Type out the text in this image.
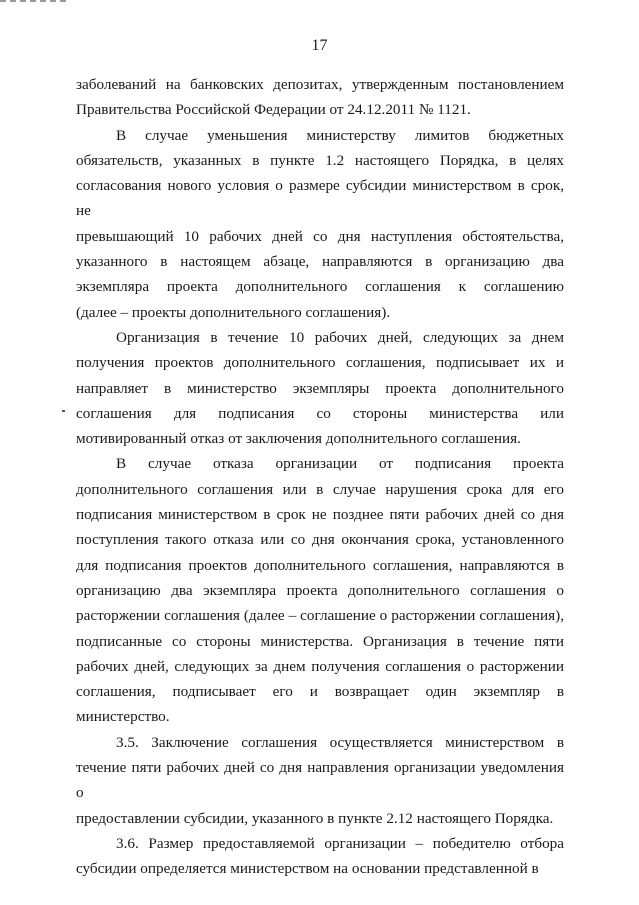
17

заболеваний на банковских депозитах, утвержденным постановлением

Правительства Российской Федерации от 24.12.2011 № 1121.

В случае уменьшения министерству лимитов бюджетных

обязательств, указанных в пункте 1.2 настоящего Порядка, в целях

согласования нового условия о размере субсидии министерством в срок, не

превышающий 10 рабочих дней со дня наступления обстоятельства,

указанного в настоящем абзаце, направляются в организацию два

экземпляра проекта дополнительного соглашения к соглашению

(далее – проекты дополнительного соглашения).

Организация в течение 10 рабочих дней, следующих за днем

получения проектов дополнительного соглашения, подписывает их и

направляет в министерство экземпляры проекта дополнительного

соглашения для подписания со стороны министерства или

мотивированный отказ от заключения дополнительного соглашения.

В случае отказа организации от подписания проекта

дополнительного соглашения или в случае нарушения срока для его

подписания министерством в срок не позднее пяти рабочих дней со дня

поступления такого отказа или со дня окончания срока, установленного

для подписания проектов дополнительного соглашения, направляются в

организацию два экземпляра проекта дополнительного соглашения о

расторжении соглашения (далее – соглашение о расторжении соглашения),

подписанные со стороны министерства. Организация в течение пяти

рабочих дней, следующих за днем получения соглашения о расторжении

соглашения, подписывает его и возвращает один экземпляр в

министерство.

3.5. Заключение соглашения осуществляется министерством в

течение пяти рабочих дней со дня направления организации уведомления о

предоставлении субсидии, указанного в пункте 2.12 настоящего Порядка.

3.6. Размер предоставляемой организации – победителю отбора

субсидии определяется министерством на основании представленной в
